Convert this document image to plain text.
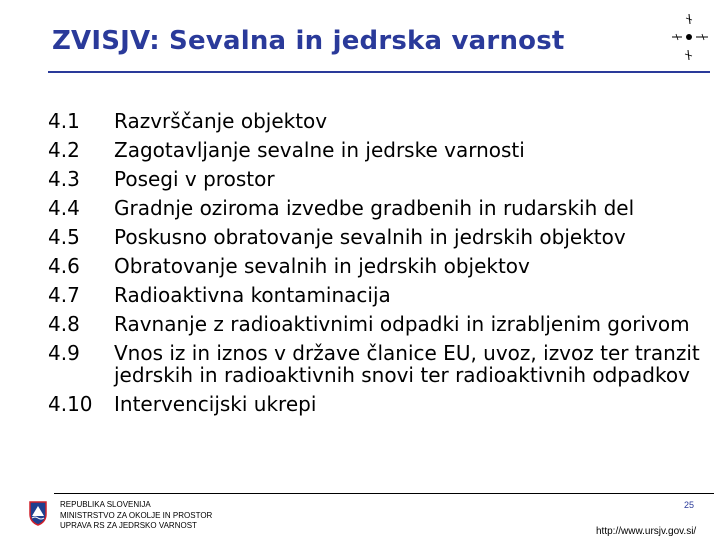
ZVISJV: Sevalna in jedrska varnost
4.1	Razvrščanje objektov
4.2	Zagotavljanje sevalne in jedrske varnosti
4.3	Posegi v prostor
4.4	Gradnje oziroma izvedbe gradbenih in rudarskih del
4.5	Poskusno obratovanje sevalnih in jedrskih objektov
4.6	Obratovanje sevalnih in jedrskih objektov
4.7	Radioaktivna kontaminacija
4.8	Ravnanje z radioaktivnimi odpadki in izrabljenim gorivom
4.9	Vnos iz in iznos v države članice EU, uvoz, izvoz ter tranzit jedrskih in radioaktivnih snovi ter radioaktivnih odpadkov
4.10	Intervencijski ukrepi
REPUBLIKA SLOVENIJA
MINISTRSTVO ZA OKOLJE IN PROSTOR
UPRAVA RS ZA JEDRSKO VARNOST
25
http://www.ursjv.gov.si/
